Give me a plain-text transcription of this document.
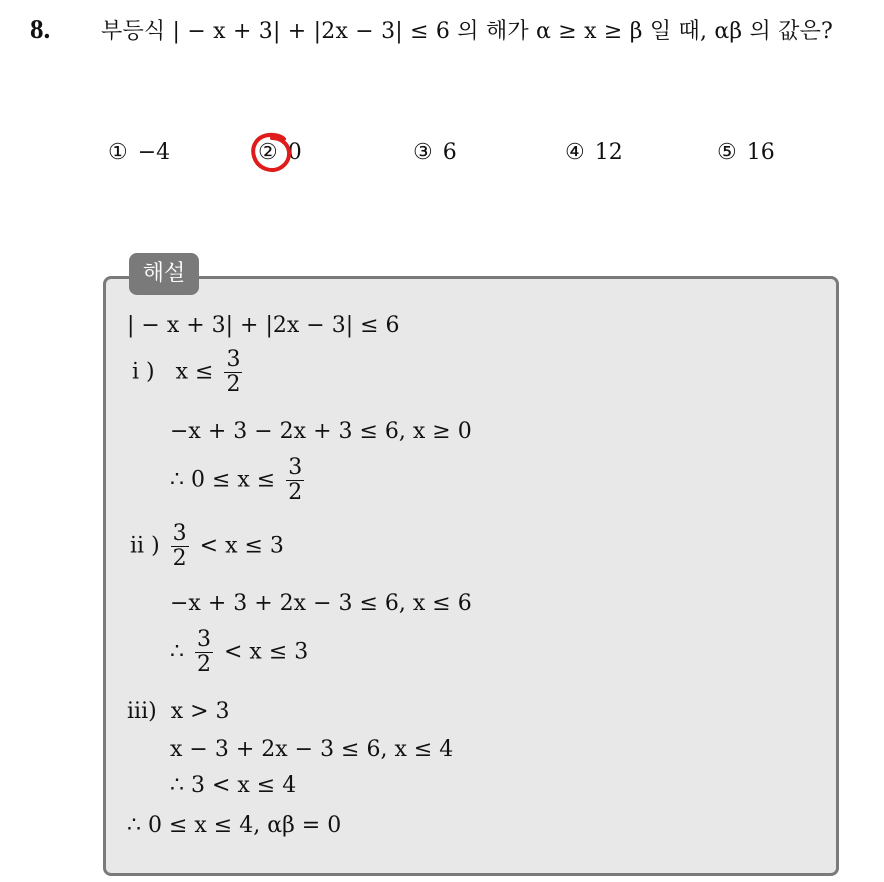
8. 부등식 | − x + 3| + |2x − 3| ≤ 6 의 해가 α ≥ x ≥ β 일 때, αβ 의 값은?
① −4	② 0	③ 6	④ 12	⑤ 16
해설
| − x + 3| + |2x − 3| ≤ 6
i ) $x \le \frac{3}{2}$
−x + 3 − 2x + 3 ≤ 6, x ≥ 0
∴ $0 \le x \le \frac{3}{2}$
ii ) $\frac{3}{2} < x \le 3$
−x + 3 + 2x − 3 ≤ 6, x ≤ 6
∴ $\frac{3}{2} < x \le 3$
iii) x > 3
x − 3 + 2x − 3 ≤ 6, x ≤ 4
∴ 3 < x ≤ 4
∴ 0 ≤ x ≤ 4, αβ = 0
